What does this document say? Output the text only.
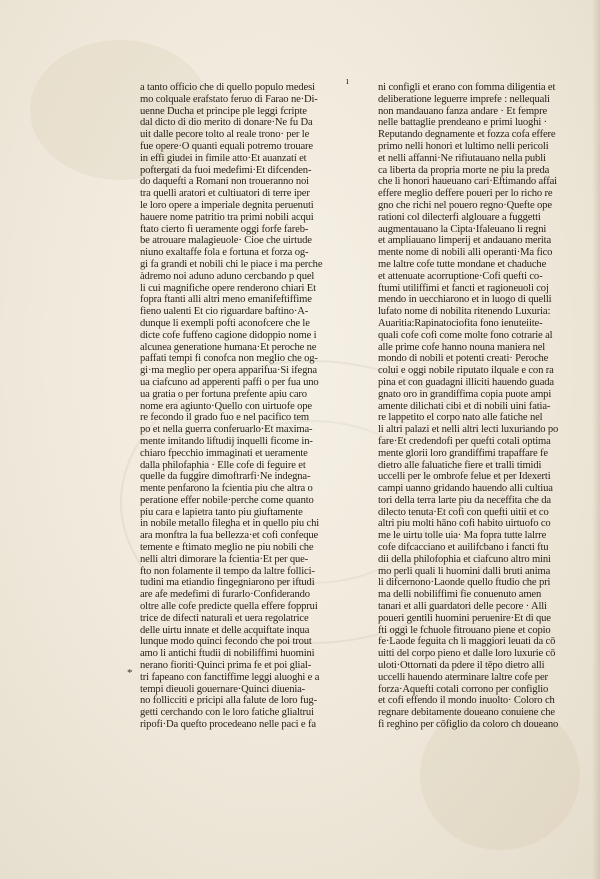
ı
*
a tanto officio che di quello populo medesi
mo colquale erafstato feruo di Farao ne·Di-
uenne Ducha et principe ple leggi fcripte
dal dicto di dio merito di donare·Ne fu Da
uit dalle pecore tolto al reale trono· per le
fue opere·O quanti equali potremo trouare
in effi giudei in fimile atto·Et auanzatí et
poftergati da fuoi medefimi·Et difcenden-
do daquefti a Romani non troueranno noi
tra quelli aratori et cultiuatori di terre iper
le loro opere a imperiale degnita peruenuti
hauere nome patritio tra primi nobili acqui
ftato cierto fi ueramente oggi forfe fareb-
be atrouare malagieuole· Cioe che uirtude
niuno exaltaffe fola e fortuna et forza og-
gi fa grandi et nobili chi le piace i ma perche
àdremo noi aduno aduno cercbando p quel
li cui magnifiche opere renderono chiari Et
fopra ftanti alli altri meno emanifeftiffime
fieno ualenti Et cio riguardare baftino·A-
dunque li exempli pofti aconofcere che le
dicte cofe fuffeno cagione didoppio nome i
alcunea generatione humana·Et peroche ne
paffati tempi fi conofca non meglio che og-
gi·ma meglio per opera apparifua·Si ifegna
ua ciafcuno ad apperenti paffi o per fua uno
ua gratia o per fortuna prefente apiu caro
nome era agiunto·Quello con uirtuofe ope
re fecondo il grado fuo e nel pacifico tem
po et nella guerra conferuarlo·Et maxima-
mente imitando liftudij inquelli ficome in-
chiaro fpecchio immaginati et ueramente
dalla philofaphia · Elle cofe di feguire et
quelle da fuggire dimoftrarfi·Ne indegna-
mente penfarono la fcientia piu che altra o
peratione effer nobile·perche come quanto
piu cara e lapietra tanto piu giuftamente
in nobile metallo filegha et in quello piu chi
ara monftra la fua bellezza·et cofi confeque
temente e ftimato meglio ne piu nobili che
nelli altri dimorare la fcientia·Et per que-
fto non folamente il tempo da laltre follici-
tudini ma etiandio fingegniarono per iftudi
are afe medefimi di furarlo·Confiderando
oltre alle cofe predicte quella effere fopprui
trice de difecti naturali et uera regolatrice
delle uirtu innate et delle acquiftate inqua
lunque modo quinci fecondo che poi trout
amo li antichi ftudii di nobiliffimi huomini
nerano fioriti·Quinci prima fe et poi glial-
tri fapeano con fanctiffime leggi aluoghi e a
tempi dieuoli gouernare·Quinci diuenia-
no follicciti e pricipi alla falute de loro fug-
getti cerchando con le loro fatiche glialtrui
ripofi·Da quefto procedeano nelle paci e fa
ni configli et erano con fomma diligentia et
deliberatione leguerre imprefe : nellequali
non mandauano fanza andare · Et fempre
nelle battaglie prendeano e primi luoghi ·
Reputando degnamente et fozza cofa effere
primo nelli honori et lultimo nelli pericoli
et nelli affanni·Ne rifiutauano nella publi
ca liberta da propria morte ne piu la preda
che li honori haueuano cari·Eftimando affai
effere meglio deffere poueri per lo richo re
gno che richi nel pouero regno·Quefte ope
rationi col dilecterfi alglouare a fuggetti
augmentauano la Cipta·Ifaleuano li regni
et ampliauano limperij et andauano merita
mente nome di nobili alli operanti·Ma fico
me laltre cofe tutte mondane et chaduche
et attenuate acorruptione·Cofi quefti co-
ftumi utiliffimi et fancti et ragioneuoli coj
mendo in uecchiarono et in luogo di quelli
lufato nome di nobilita ritenendo Luxuria:
Auaritia:Rapinatociofita fono ienuteiite-
quali cofe cofi come molte fono cotrarie al
alle prime cofe hanno nouna maniera nel
mondo di nobili et potenti creati· Peroche
colui e oggi nobile riputato ilquale e con ra
pina et con guadagni illiciti hauendo guada
gnato oro in grandiffima copia puote ampi
amente dilichati cibi et di nobili uini fatia-
re lappetito el corpo nato alle fatiche nel
li altri palazi et nelli altri lecti luxuriando po
fare·Et credendofi per quefti cotali optima
mente glorii loro grandiffimi trapaffare fe
dietro alle faluatiche fiere et tralli timidi
uccelli per le ombrofe felue et per Idexerti
campi uanno gridando hauendo alli cultiua
tori della terra larte piu da neceffita che da
dilecto tenuta·Et cofi con quefti uitii et co
altri piu molti hāno cofi habito uirtuofo co
me le uirtu tolle uia· Ma fopra tutte lalrre
cofe difcacciano et auilifcbano i fancti ftu
dii della philofophia et ciafcuno altro mini
mo perli quali li huomini dalli bruti anima
li difcernono·Laonde quello ftudio che pri
ma delli nobiliffimi fie conuenuto amen
tanari et alli guardatori delle pecore · Alli
poueri gentili huomini peruenire·Et di que
fti oggi le fchuole fitrouano piene et copio
fe·Laode feguita ch li maggiori leuati da cō
uitti del corpo pieno et dalle loro luxurie cō
uloti·Ottornati da pdere il tēpo dietro alli
uccelli hauendo aterminare laltre cofe per
forza·Aquefti cotali corrono per configlio
et cofi effendo il mondo inuolto· Coloro ch
regnare debitamente doueano conuiene che
fi reghino per cōfiglio da coloro ch doueano
